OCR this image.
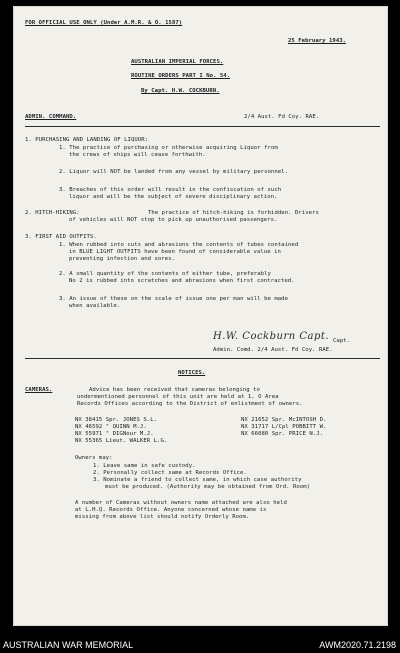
FOR OFFICIAL USE ONLY (Under A.M.R. & O. 1587)
25 February 1943.
AUSTRALIAN IMPERIAL FORCES.
ROUTINE ORDERS PART I No. 54.
By Capt. H.W. COCKBURN.
ADMIN. COMMAND.	2/4 Aust. Fd Coy. RAE.
1. PURCHASING AND LANDING OF LIQUOR:
1. The practice of purchasing or otherwise acquiring Liquor from
the crews of ships will cease forthwith.
2. Liquor will NOT be landed from any vessel by military personnel.
3. Breaches of this order will result in the confiscation of such
liquor and will be the subject of severe disciplinary action.
2. HITCH-HIKING:	The practice of hitch-hiking is forbidden. Drivers
of vehicles will NOT stop to pick up unauthorised passengers.
3. FIRST AID OUTFITS.
1. When rubbed into cuts and abrasions the contents of tubes contained
in BLUE LIGHT OUTFITS have been found of considerable value in
preventing infection and sores.
2. A small quantity of the contents of either tube, preferably
No 2 is rubbed into scratches and abrasions when first contracted.
3. An issue of these on the scale of issue one per man will be made
when available.
H.W. Cockburn Capt. Capt.
Admin. Comd. 2/4 Aust. Fd Coy. RAE.
NOTICES.
CAMERAS.	Advice has been received that cameras belonging to
undermentioned personnel of this unit are held at 1, O Area
Records Offices according to the District of enlistment of owners.
NX 38415 Spr. JONES S.L.
NX 46592 " QUINN M.J.
NX 55971 " DIGNour M.J.
NX 55365 Lieut. WALKER L.G.
NX 21652 Spr. McINTOSH D.
NX 31717 L/Cpl POBBITT W.
NX 66080 Spr. PRICE N.J.
Owners may:
1. Leave same in safe custody.
2. Personally collect same at Records Office.
3. Nominate a friend to collect same, in which case authority
must be produced. (Authority may be obtained from Ord. Room)
A number of Cameras without owners name attached are also held
at L.H.Q. Records Office. Anyone concerned whose name is
missing from above list should notify Orderly Room.
AUSTRALIAN WAR MEMORIAL	AWM2020.71.2198
